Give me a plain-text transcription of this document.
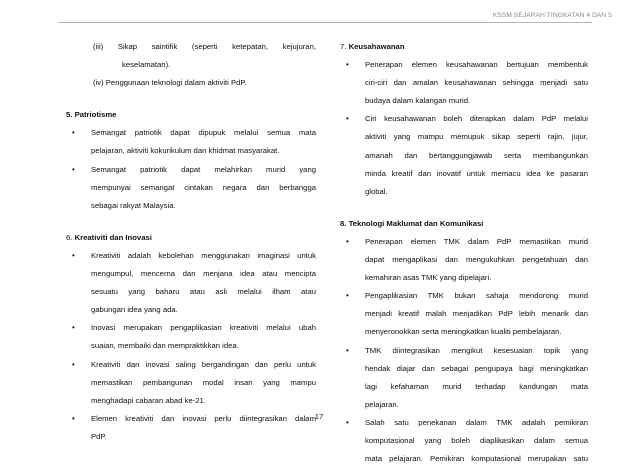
KSSM SEJARAH TINGKATAN 4 DAN 5
(iii) Sikap saintifik (seperti ketepatan, kejujuran,
keselamatan).
(iv) Penggunaan teknologi dalam aktiviti PdP.
5. Patriotisme
• Semangat patriotik dapat dipupuk melalui semua mata
pelajaran, aktiviti kokurikulum dan khidmat masyarakat.
• Semangat patriotik dapat melahirkan murid yang
mempunyai semangat cintakan negara dan berbangga
sebagai rakyat Malaysia.
6. Kreativiti dan Inovasi
• Kreativiti adalah kebolehan menggunakan imaginasi untuk
mengumpul, mencerna dan menjana idea atau mencipta
sesuatu yang baharu atau asli melalui ilham atau
gabungan idea yang ada.
• Inovasi merupakan pengaplikasian kreativiti melalui ubah
suaian, membaiki dan mempraktikkan idea.
• Kreativiti dan inovasi saling bergandingan dan perlu untuk
memastikan pembangunan modal insan yang mampu
menghadapi cabaran abad ke-21.
• Elemen kreativiti dan inovasi perlu diintegrasikan dalam
PdP.
7. Keusahawanan
• Penerapan elemen keusahawanan bertujuan membentuk
ciri-ciri dan amalan keusahawanan sehingga menjadi satu
budaya dalam kalangan murid.
• Ciri keusahawanan boleh diterapkan dalam PdP melalui
aktiviti yang mampu memupuk sikap seperti rajin, jujur,
amanah dan bertanggungjawab serta membangunkan
minda kreatif dan inovatif untuk memacu idea ke pasaran
global.
8. Teknologi Maklumat dan Komunikasi
• Penerapan elemen TMK dalam PdP memastikan murid
dapat mengaplikasi dan mengukuhkan pengetahuan dan
kemahiran asas TMK yang dipelajari.
• Pengaplikasian TMK bukan sahaja mendorong murid
menjadi kreatif malah menjadikan PdP lebih menarik dan
menyeronokkan serta meningkatkan kualiti pembelajaran.
• TMK diintegrasikan mengikut kesesuaian topik yang
hendak diajar dan sebagai pengupaya bagi meningkatkan
lagi kefahaman murid terhadap kandungan mata
pelajaran.
• Salah satu penekanan dalam TMK adalah pemikiran
komputasional yang boleh diaplikasikan dalam semua
mata pelajaran. Pemikiran komputasional merupakan satu
17
